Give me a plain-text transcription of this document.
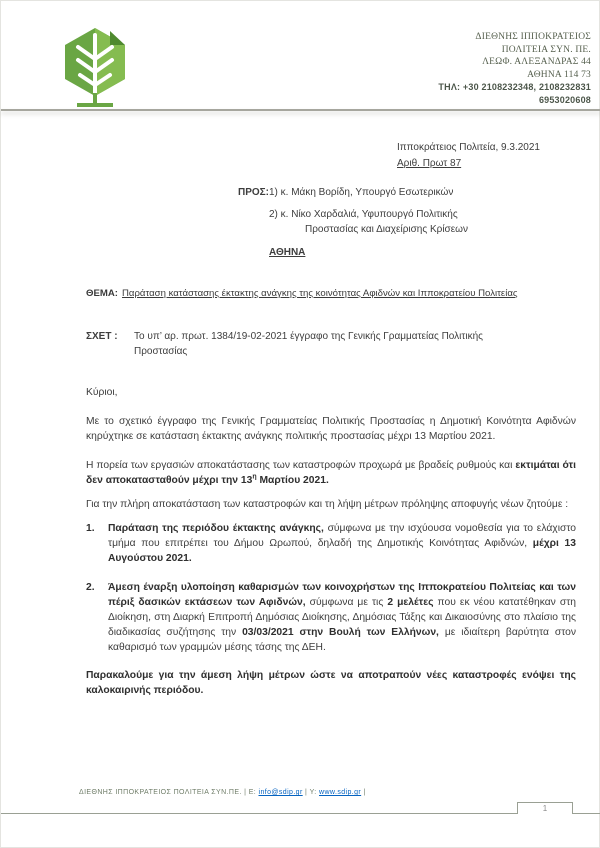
ΔΙΕΘΝΗΣ ΙΠΠΟΚΡΑΤΕΙΟΣ
ΠΟΛΙΤΕΙΑ ΣΥΝ. ΠΕ.
ΛΕΩΦ. ΑΛΕΞΑΝΔΡΑΣ 44
ΑΘΗΝΑ 114 73
ΤΗΛ: +30 2108232348, 2108232831
6953020608
Ιπποκράτειος Πολιτεία, 9.3.2021
Αριθ. Πρωτ 87
ΠΡΟΣ: 1) κ. Μάκη Βορίδη, Υπουργό Εσωτερικών
2) κ. Νίκο Χαρδαλιά, Υφυπουργό Πολιτικής
Προστασίας και Διαχείρισης Κρίσεων
ΑΘΗΝΑ
ΘΕΜΑ: Παράταση κατάστασης έκτακτης ανάγκης της κοινότητας Αφιδνών και Ιπποκρατείου Πολιτείας
ΣΧΕΤ :	Το υπ’ αρ. πρωτ. 1384/19-02-2021 έγγραφο της Γενικής Γραμματείας Πολιτικής Προστασίας

Κύριοι,

Με το σχετικό έγγραφο της Γενικής Γραμματείας Πολιτικής Προστασίας η Δημοτική Κοινότητα Αφιδνών κηρύχτηκε σε κατάσταση έκτακτης ανάγκης πολιτικής προστασίας μέχρι 13 Μαρτίου 2021.

Η πορεία των εργασιών αποκατάστασης των καταστροφών προχωρά με βραδείς ρυθμούς και εκτιμάται ότι δεν αποκατασταθούν μέχρι την $13^\eta$ Μαρτίου 2021.

Για την πλήρη αποκατάσταση των καταστροφών και τη λήψη μέτρων πρόληψης αποφυγής νέων ζητούμε :

1.	Παράταση της περιόδου έκτακτης ανάγκης, σύμφωνα με την ισχύουσα νομοθεσία για το ελάχιστο τμήμα που επιτρέπει του Δήμου Ωρωπού, δηλαδή της Δημοτικής Κοινότητας Αφιδνών, μέχρι 13 Αυγούστου 2021.
2.	Άμεση έναρξη υλοποίηση καθαρισμών των κοινοχρήστων της Ιπποκρατείου Πολιτείας και των πέριξ δασικών εκτάσεων των Αφιδνών, σύμφωνα με τις 2 μελέτες που εκ νέου κατατέθηκαν στη Διοίκηση, στη Διαρκή Επιτροπή Δημόσιας Διοίκησης, Δημόσιας Τάξης και Δικαιοσύνης στο πλαίσιο της διαδικασίας συζήτησης την 03/03/2021 στην Βουλή των Ελλήνων, με ιδιαίτερη βαρύτητα στον καθαρισμό των γραμμών μέσης τάσης της ΔΕΗ.

Παρακαλούμε για την άμεση λήψη μέτρων ώστε να αποτραπούν νέες καταστροφές ενόψει της καλοκαιρινής περιόδου.

ΔΙΕΘΝΗΣ ΙΠΠΟΚΡΑΤΕΙΟΣ ΠΟΛΙΤΕΙΑ ΣΥΝ.ΠΕ. | Ε: info@sdip.gr | Υ: www.sdip.gr |
1
